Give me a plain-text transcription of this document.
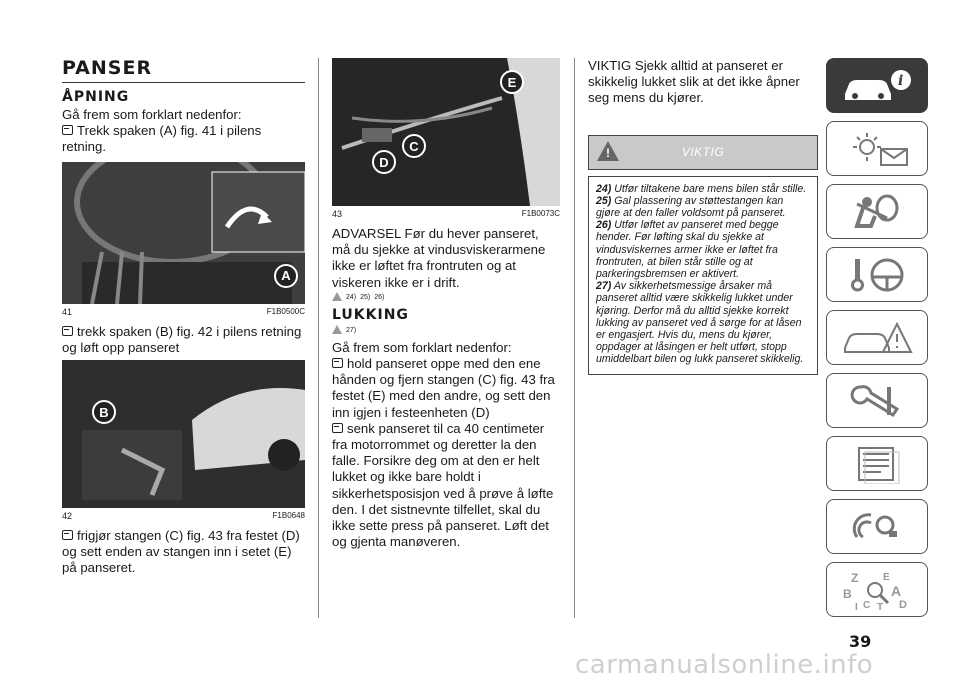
PANSER
ÅPNING

Gå frem som forklart nedenfor:

Trekk spaken (A) fig. 41 i pilens retning.

A
41	F1B0500C

trekk spaken (B) fig. 42 i pilens retning og løft opp panseret

B
42	F1B0648

frigjør stangen (C) fig. 43 fra festet (D) og sett enden av stangen inn i setet (E) på panseret.

E
D
C
43	F1B0073C

ADVARSEL Før du hever panseret, må du sjekke at vindusviskerarmene ikke er løftet fra frontruten og at viskeren ikke er i drift.

24) 25) 26)
LUKKING
27)

Gå frem som forklart nedenfor:

hold panseret oppe med den ene hånden og fjern stangen (C) fig. 43 fra festet (E) med den andre, og sett den inn igjen i festeenheten (D)

senk panseret til ca 40 centimeter fra motorrommet og deretter la den falle. Forsikre deg om at den er helt lukket og ikke bare holdt i sikkerhetsposisjon ved å prøve å løfte den. I det sistnevnte tilfellet, skal du ikke sette press på panseret. Løft det og gjenta manøveren.

VIKTIG Sjekk alltid at panseret er skikkelig lukket slik at det ikke åpner seg mens du kjører.

!
VIKTIG

24) Utfør tiltakene bare mens bilen står stille.

25) Gal plassering av støttestangen kan gjøre at den faller voldsomt på panseret.

26) Utfør løftet av panseret med begge hender. Før løfting skal du sjekke at vindusviskernes armer ikke er løftet fra frontruten, at bilen står stille og at parkeringsbremsen er aktivert.

27) Av sikkerhetsmessige årsaker må panseret alltid være skikkelig lukket under kjøring. Derfor må du alltid sjekke korrekt lukking av panseret ved å sørge for at låsen er engasjert. Hvis du, mens du kjører, oppdager at låsingen er helt utført, stopp umiddelbart bilen og lukk panseret skikkelig.

i
Z E
B	A
C	D
T
I
39
carmanualsonline.info
